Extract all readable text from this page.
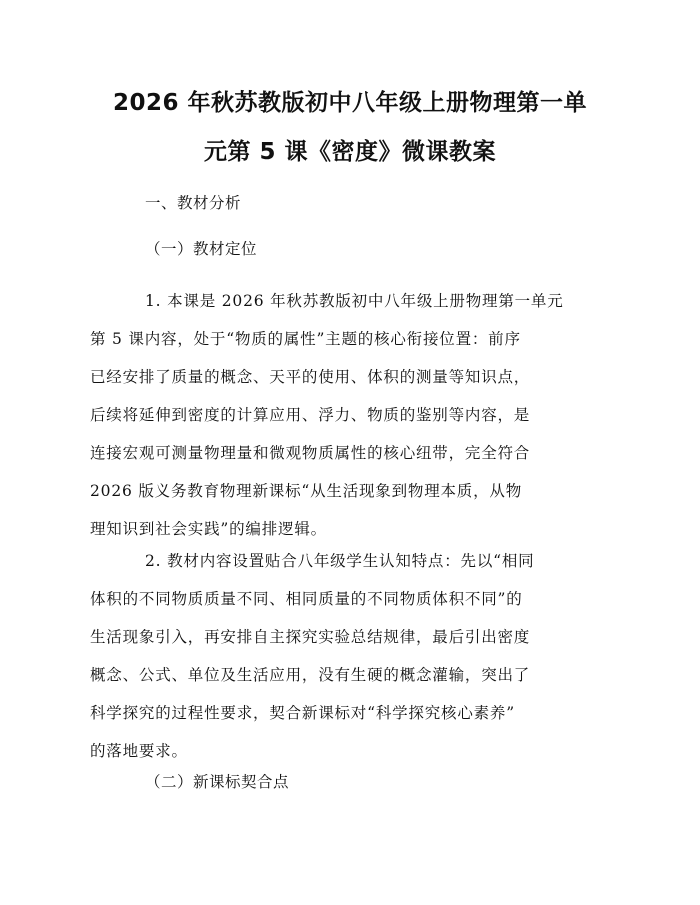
2026 年秋苏教版初中八年级上册物理第一单
元第 5 课《密度》微课教案
一、教材分析
（一）教材定位
1. 本课是 2026 年秋苏教版初中八年级上册物理第一单元
第 5 课内容，处于“物质的属性”主题的核心衔接位置：前序
已经安排了质量的概念、天平的使用、体积的测量等知识点，
后续将延伸到密度的计算应用、浮力、物质的鉴别等内容，是
连接宏观可测量物理量和微观物质属性的核心纽带，完全符合
2026 版义务教育物理新课标“从生活现象到物理本质，从物
理知识到社会实践”的编排逻辑。
2. 教材内容设置贴合八年级学生认知特点：先以“相同
体积的不同物质质量不同、相同质量的不同物质体积不同”的
生活现象引入，再安排自主探究实验总结规律，最后引出密度
概念、公式、单位及生活应用，没有生硬的概念灌输，突出了
科学探究的过程性要求，契合新课标对“科学探究核心素养”
的落地要求。
（二）新课标契合点
